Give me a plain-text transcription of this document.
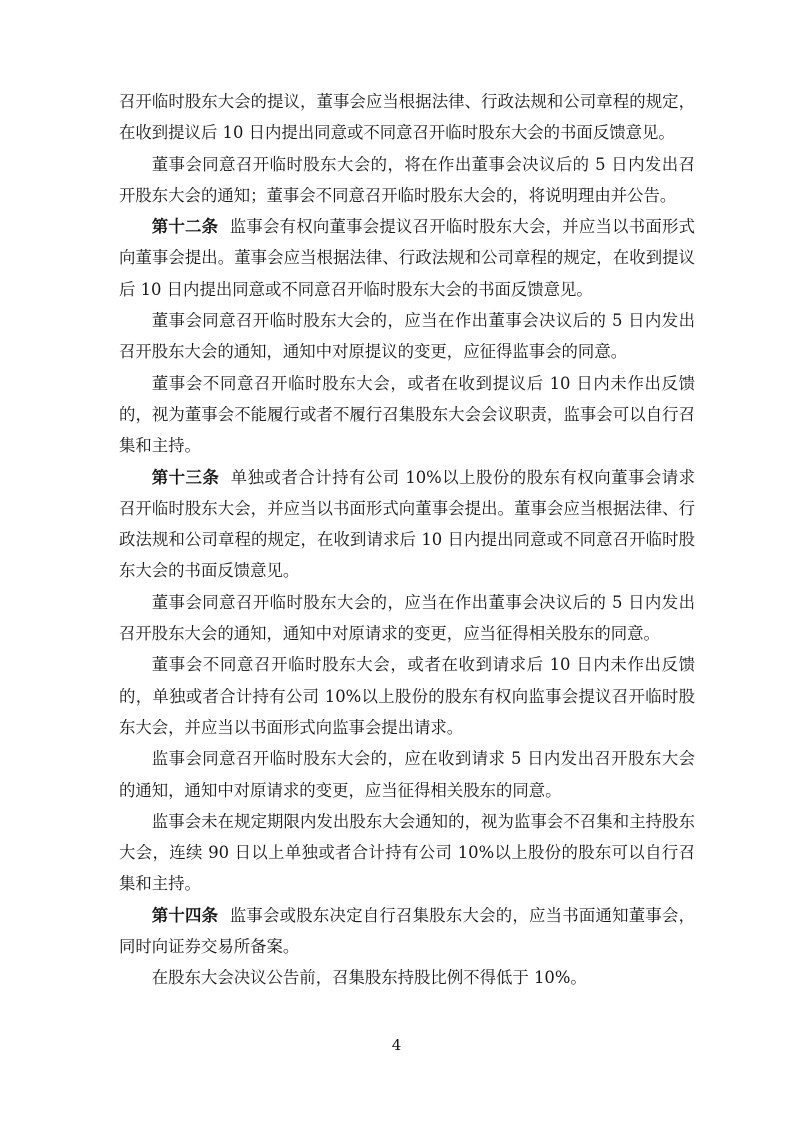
召开临时股东大会的提议，董事会应当根据法律、行政法规和公司章程的规定，在收到提议后 10 日内提出同意或不同意召开临时股东大会的书面反馈意见。

董事会同意召开临时股东大会的，将在作出董事会决议后的 5 日内发出召开股东大会的通知；董事会不同意召开临时股东大会的，将说明理由并公告。

第十二条 监事会有权向董事会提议召开临时股东大会，并应当以书面形式向董事会提出。董事会应当根据法律、行政法规和公司章程的规定，在收到提议后 10 日内提出同意或不同意召开临时股东大会的书面反馈意见。

董事会同意召开临时股东大会的，应当在作出董事会决议后的 5 日内发出召开股东大会的通知，通知中对原提议的变更，应征得监事会的同意。

董事会不同意召开临时股东大会，或者在收到提议后 10 日内未作出反馈的，视为董事会不能履行或者不履行召集股东大会会议职责，监事会可以自行召集和主持。

第十三条 单独或者合计持有公司 10%以上股份的股东有权向董事会请求召开临时股东大会，并应当以书面形式向董事会提出。董事会应当根据法律、行政法规和公司章程的规定，在收到请求后 10 日内提出同意或不同意召开临时股东大会的书面反馈意见。

董事会同意召开临时股东大会的，应当在作出董事会决议后的 5 日内发出召开股东大会的通知，通知中对原请求的变更，应当征得相关股东的同意。

董事会不同意召开临时股东大会，或者在收到请求后 10 日内未作出反馈的，单独或者合计持有公司 10%以上股份的股东有权向监事会提议召开临时股东大会，并应当以书面形式向监事会提出请求。

监事会同意召开临时股东大会的，应在收到请求 5 日内发出召开股东大会的通知，通知中对原请求的变更，应当征得相关股东的同意。

监事会未在规定期限内发出股东大会通知的，视为监事会不召集和主持股东大会，连续 90 日以上单独或者合计持有公司 10%以上股份的股东可以自行召集和主持。

第十四条 监事会或股东决定自行召集股东大会的，应当书面通知董事会，同时向证券交易所备案。

在股东大会决议公告前，召集股东持股比例不得低于 10%。

4
